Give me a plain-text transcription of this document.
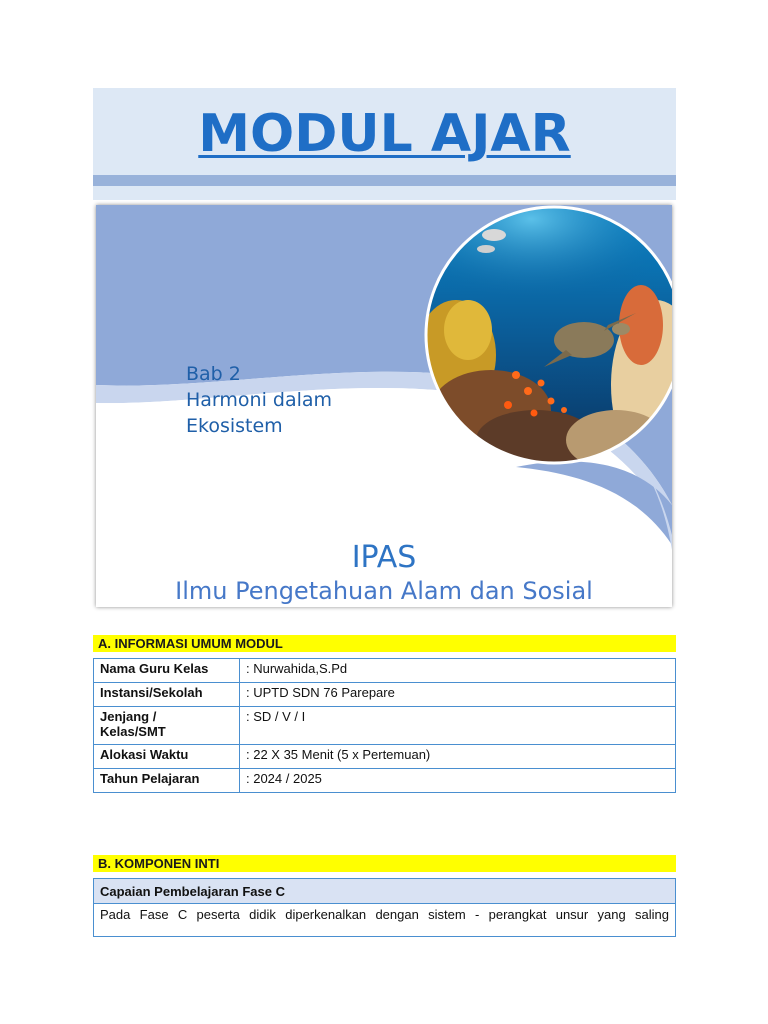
MODUL AJAR
Bab 2
Harmoni dalam
Ekosistem
IPAS
Ilmu Pengetahuan Alam dan Sosial
A. INFORMASI UMUM MODUL
Nama Guru Kelas	: Nurwahida,S.Pd
Instansi/Sekolah	: UPTD SDN 76 Parepare

Jenjang /
Kelas/SMT	: SD / V / I
Alokasi Waktu	: 22 X 35 Menit (5 x Pertemuan)
Tahun Pelajaran	: 2024 / 2025
B. KOMPONEN INTI
Capaian Pembelajaran Fase C
Pada Fase C peserta didik diperkenalkan dengan sistem - perangkat unsur yang saling
